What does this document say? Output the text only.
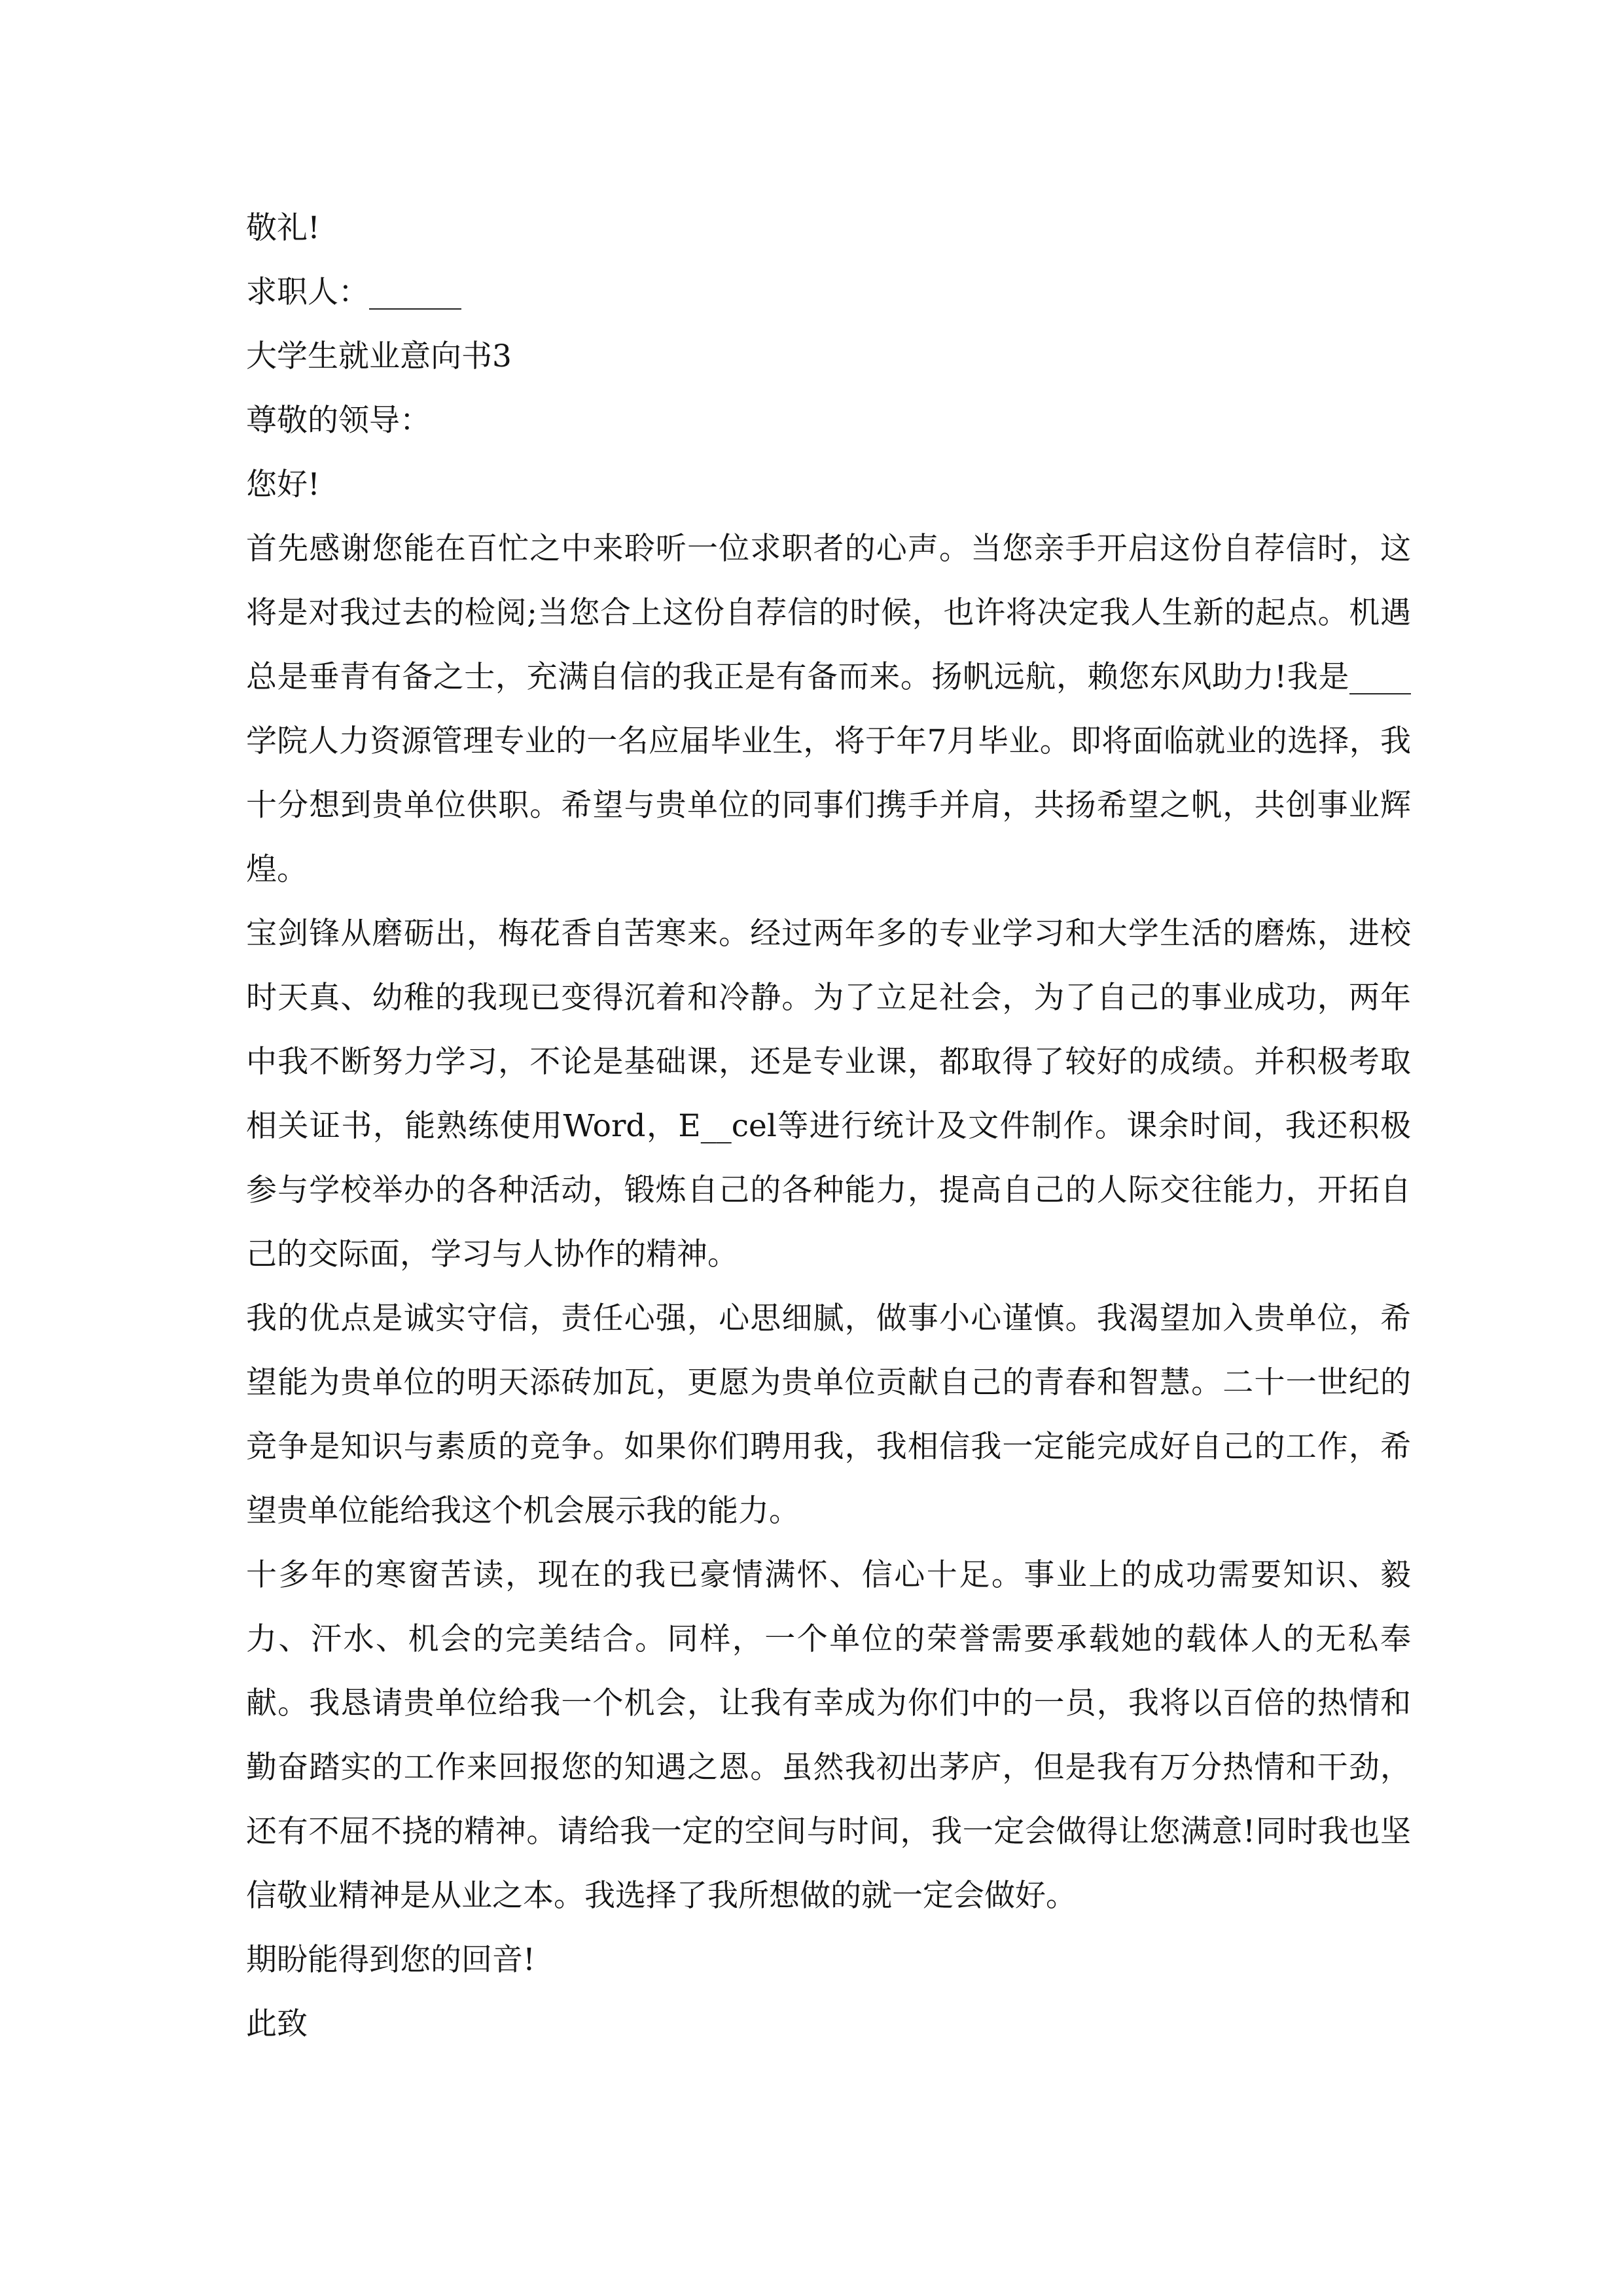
敬礼!
求职人：______
大学生就业意向书3
尊敬的领导：
您好!
首先感谢您能在百忙之中来聆听一位求职者的心声。当您亲手开启这份自荐信时，这将是对我过去的检阅;当您合上这份自荐信的时候，也许将决定我人生新的起点。机遇总是垂青有备之士，充满自信的我正是有备而来。扬帆远航，赖您东风助力!我是____学院人力资源管理专业的一名应届毕业生，将于年7月毕业。即将面临就业的选择，我十分想到贵单位供职。希望与贵单位的同事们携手并肩，共扬希望之帆，共创事业辉煌。
宝剑锋从磨砺出，梅花香自苦寒来。经过两年多的专业学习和大学生活的磨炼，进校时天真、幼稚的我现已变得沉着和冷静。为了立足社会，为了自己的事业成功，两年中我不断努力学习，不论是基础课，还是专业课，都取得了较好的成绩。并积极考取相关证书，能熟练使用Word，E__cel等进行统计及文件制作。课余时间，我还积极参与学校举办的各种活动，锻炼自己的各种能力，提高自己的人际交往能力，开拓自己的交际面，学习与人协作的精神。
我的优点是诚实守信，责任心强，心思细腻，做事小心谨慎。我渴望加入贵单位，希望能为贵单位的明天添砖加瓦，更愿为贵单位贡献自己的青春和智慧。二十一世纪的竞争是知识与素质的竞争。如果你们聘用我，我相信我一定能完成好自己的工作，希望贵单位能给我这个机会展示我的能力。
十多年的寒窗苦读，现在的我已豪情满怀、信心十足。事业上的成功需要知识、毅力、汗水、机会的完美结合。同样，一个单位的荣誉需要承载她的载体人的无私奉献。我恳请贵单位给我一个机会，让我有幸成为你们中的一员，我将以百倍的热情和勤奋踏实的工作来回报您的知遇之恩。虽然我初出茅庐，但是我有万分热情和干劲，还有不屈不挠的精神。请给我一定的空间与时间，我一定会做得让您满意!同时我也坚信敬业精神是从业之本。我选择了我所想做的就一定会做好。
期盼能得到您的回音!
此致
